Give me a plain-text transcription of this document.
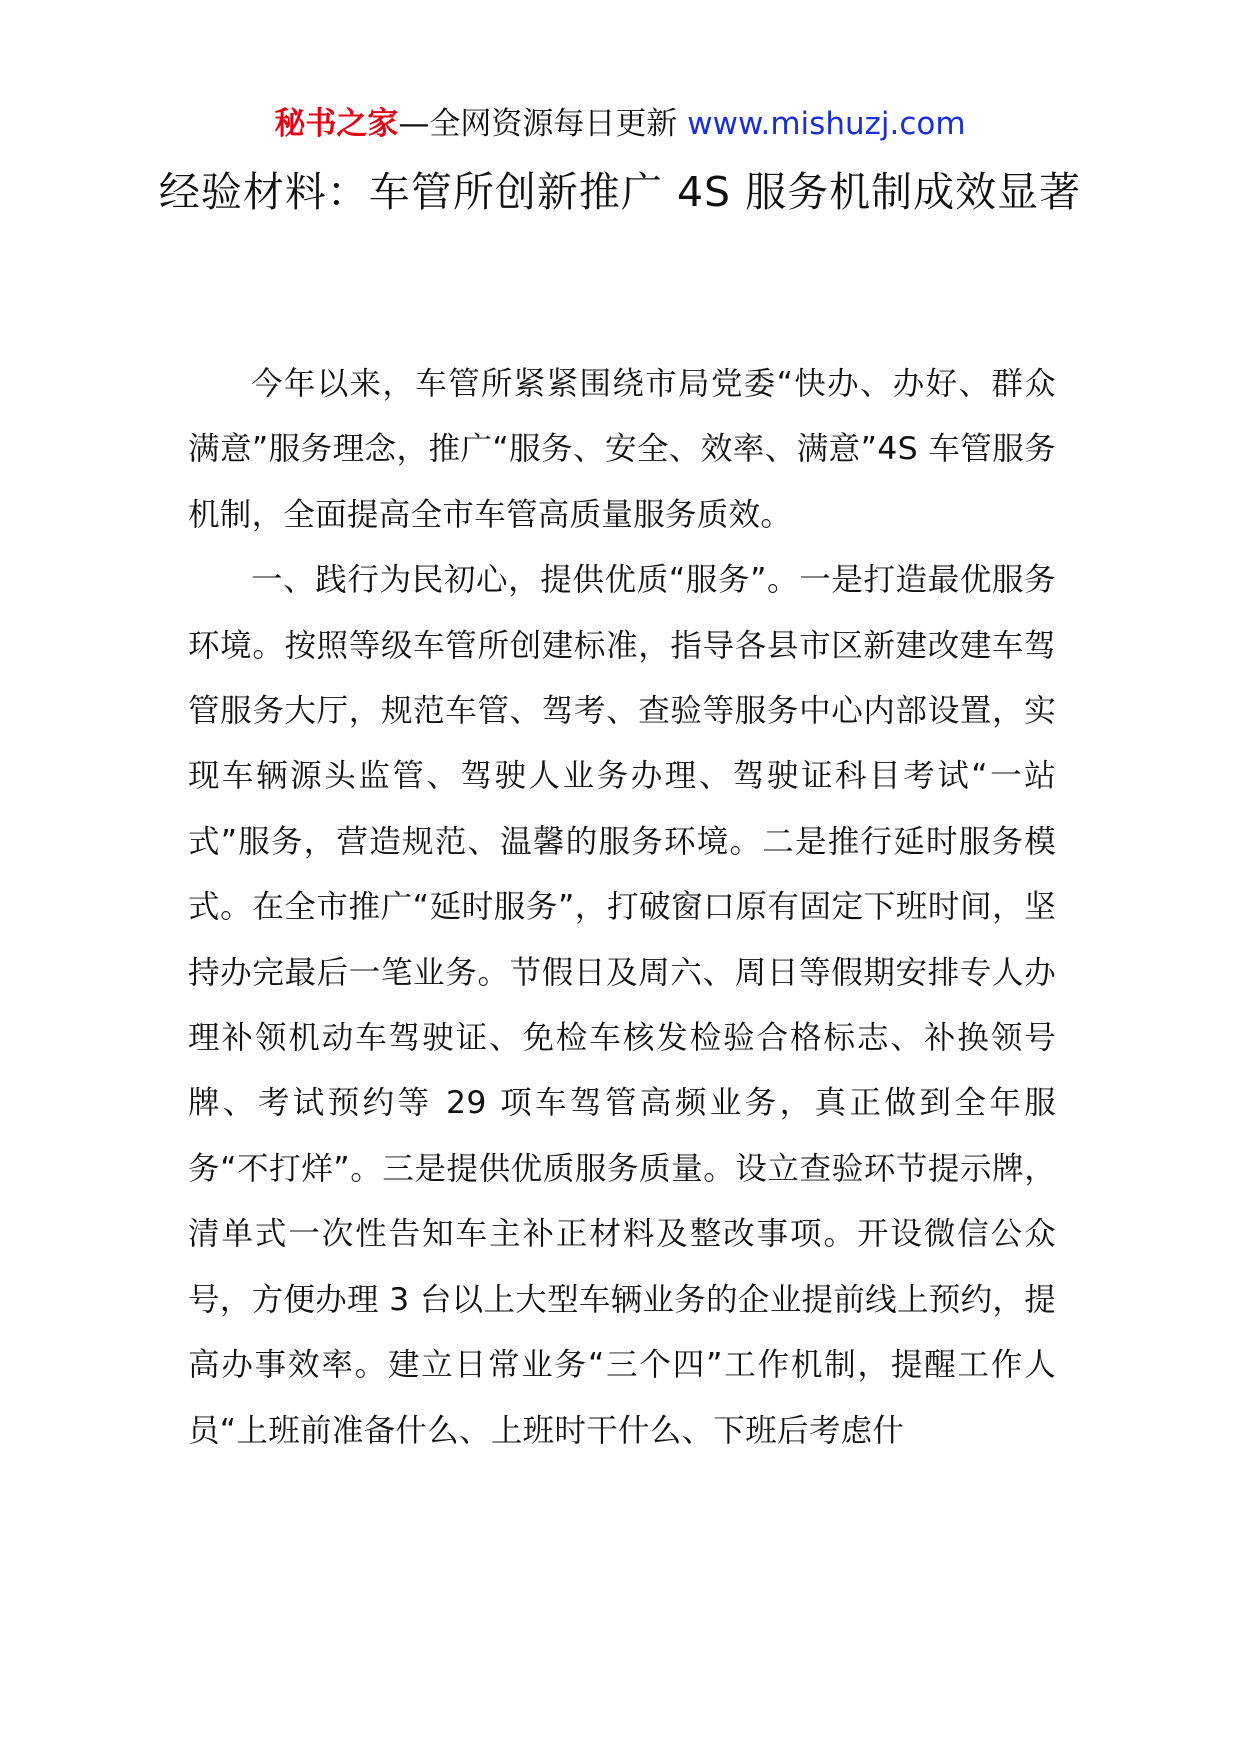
秘书之家—全网资源每日更新 www.mishuzj.com
经验材料：车管所创新推广 4S 服务机制成效显著

今年以来，车管所紧紧围绕市局党委“快办、办好、群众满意”服务理念，推广“服务、安全、效率、满意”4S 车管服务机制，全面提高全市车管高质量服务质效。

一、践行为民初心，提供优质“服务”。一是打造最优服务环境。按照等级车管所创建标准，指导各县市区新建改建车驾管服务大厅，规范车管、驾考、查验等服务中心内部设置，实现车辆源头监管、驾驶人业务办理、驾驶证科目考试“一站式”服务，营造规范、温馨的服务环境。二是推行延时服务模式。在全市推广“延时服务”，打破窗口原有固定下班时间，坚持办完最后一笔业务。节假日及周六、周日等假期安排专人办理补领机动车驾驶证、免检车核发检验合格标志、补换领号牌、考试预约等 29 项车驾管高频业务，真正做到全年服务“不打烊”。三是提供优质服务质量。设立查验环节提示牌，清单式一次性告知车主补正材料及整改事项。开设微信公众号，方便办理 3 台以上大型车辆业务的企业提前线上预约，提高办事效率。建立日常业务“三个四”工作机制，提醒工作人员“上班前准备什么、上班时干什么、下班后考虑什
